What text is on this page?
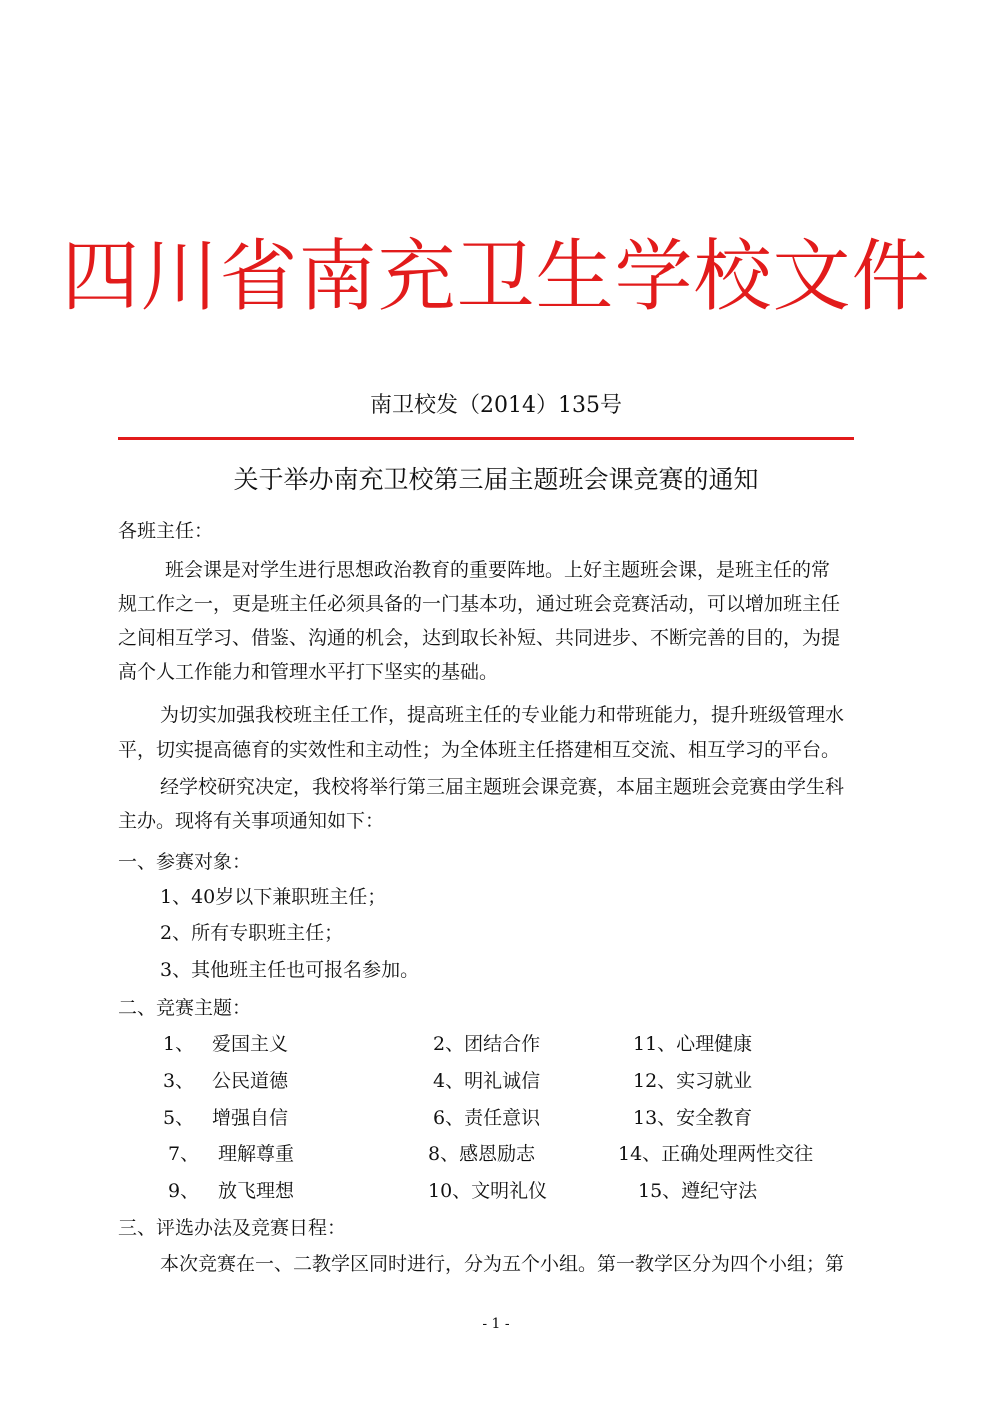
四川省南充卫生学校文件
南卫校发（2014）135号
关于举办南充卫校第三届主题班会课竞赛的通知
各班主任：
班会课是对学生进行思想政治教育的重要阵地。上好主题班会课，是班主任的常
规工作之一，更是班主任必须具备的一门基本功，通过班会竞赛活动，可以增加班主任
之间相互学习、借鉴、沟通的机会，达到取长补短、共同进步、不断完善的目的，为提
高个人工作能力和管理水平打下坚实的基础。
为切实加强我校班主任工作，提高班主任的专业能力和带班能力，提升班级管理水
平，切实提高德育的实效性和主动性；为全体班主任搭建相互交流、相互学习的平台。
经学校研究决定，我校将举行第三届主题班会课竞赛，本届主题班会竞赛由学生科
主办。现将有关事项通知如下：
一、参赛对象：
1、40岁以下兼职班主任；
2、所有专职班主任；
3、其他班主任也可报名参加。
二、竞赛主题：
1、 爱国主义	2、团结合作	11、心理健康
3、 公民道德	4、明礼诚信	12、实习就业
5、 增强自信	6、责任意识	13、安全教育
7、 理解尊重	8、感恩励志	14、正确处理两性交往
9、 放飞理想	10、文明礼仪	15、遵纪守法
三、评选办法及竞赛日程：
本次竞赛在一、二教学区同时进行，分为五个小组。第一教学区分为四个小组；第
- 1 -
